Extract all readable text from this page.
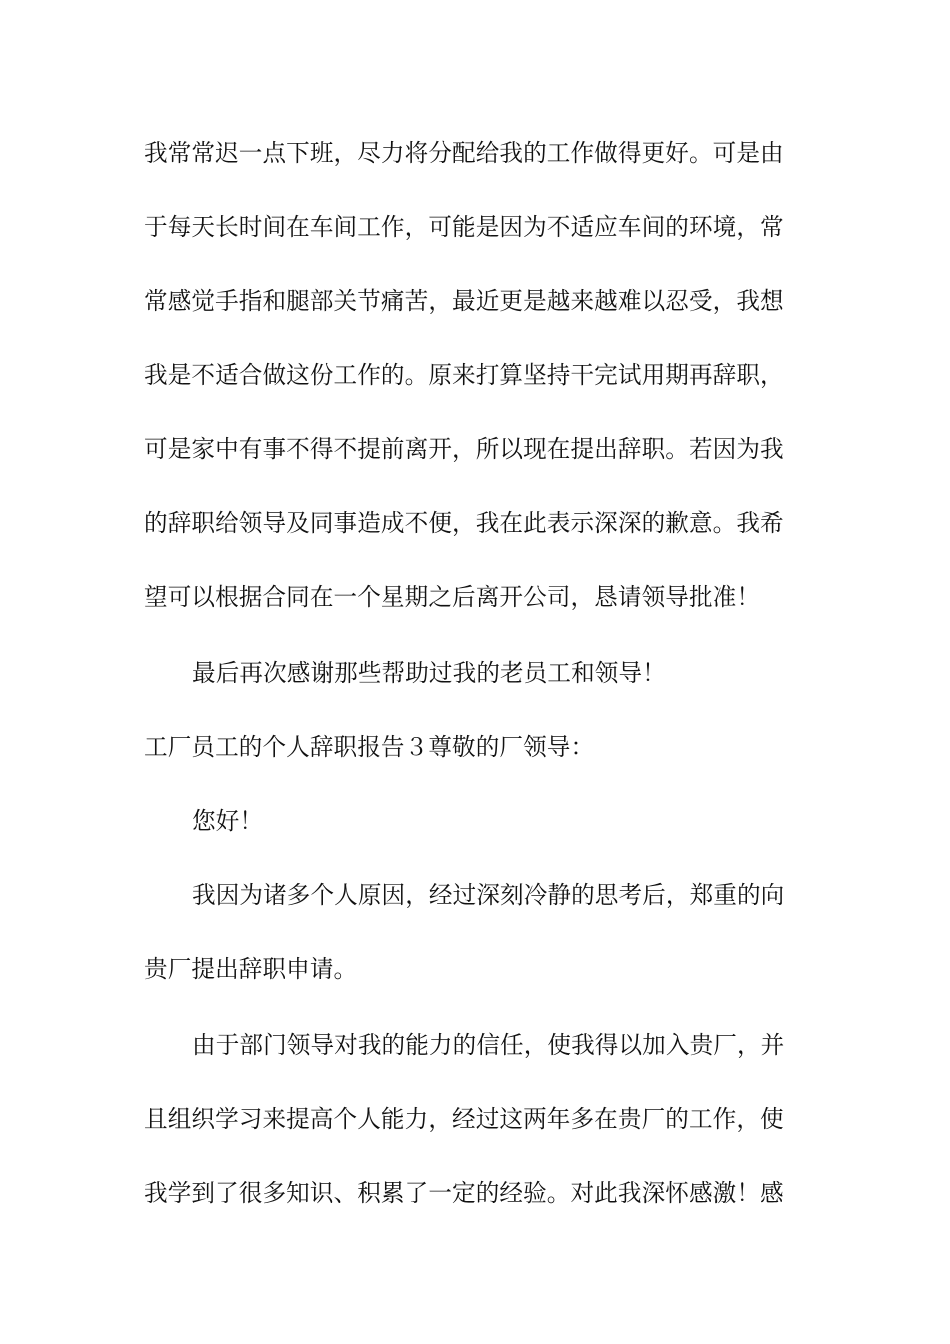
我常常迟一点下班，尽力将分配给我的工作做得更好。可是由
于每天长时间在车间工作，可能是因为不适应车间的环境，常
常感觉手指和腿部关节痛苦，最近更是越来越难以忍受，我想
我是不适合做这份工作的。原来打算坚持干完试用期再辞职，
可是家中有事不得不提前离开，所以现在提出辞职。若因为我
的辞职给领导及同事造成不便，我在此表示深深的歉意。我希
望可以根据合同在一个星期之后离开公司，恳请领导批准！
最后再次感谢那些帮助过我的老员工和领导！
工厂员工的个人辞职报告３尊敬的厂领导：
您好！
我因为诸多个人原因，经过深刻冷静的思考后，郑重的向
贵厂提出辞职申请。
由于部门领导对我的能力的信任，使我得以加入贵厂，并
且组织学习来提高个人能力，经过这两年多在贵厂的工作，使
我学到了很多知识、积累了一定的经验。对此我深怀感激！感
